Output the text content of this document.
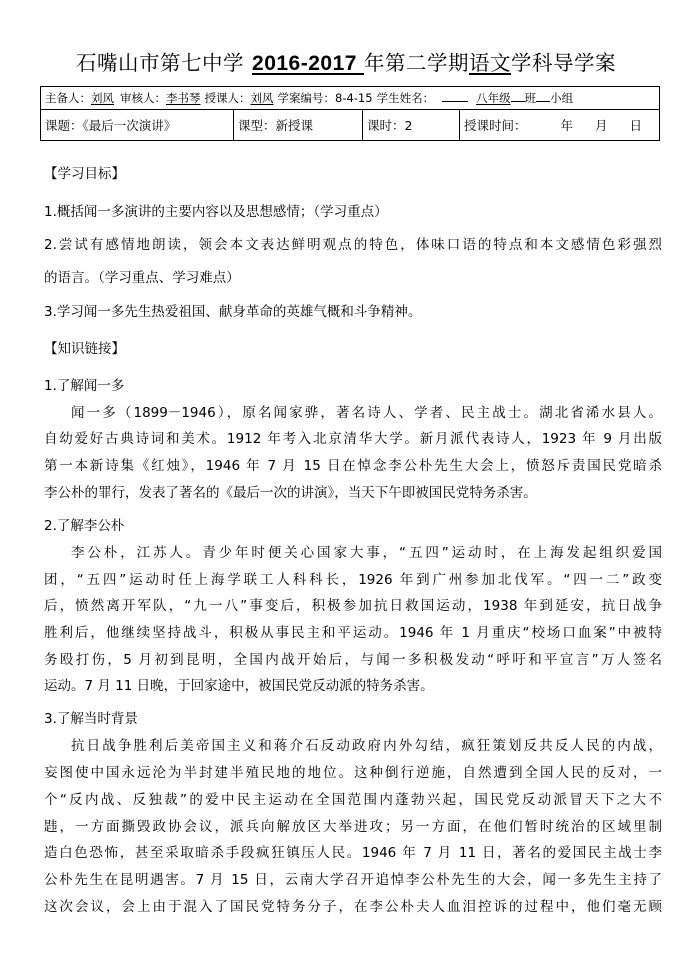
石嘴山市第七中学 2016-2017 年第二学期语文学科导学案
主备人：刘风 审核人：李书琴 授课人：刘风 学案编号：8-4-15 学生姓名：	八年级 班 小组
课题：《最后一次演讲》	课型：新授课	课时：2	授课时间：	年 月 日
【学习目标】
1.概括闻一多演讲的主要内容以及思想感情；（学习重点）
2.尝试有感情地朗读，领会本文表达鲜明观点的特色，体味口语的特点和本文感情色彩强烈
的语言。（学习重点、学习难点）
3.学习闻一多先生热爱祖国、献身革命的英雄气概和斗争精神。
【知识链接】
1.了解闻一多
闻一多（1899－1946），原名闻家骅，著名诗人、学者、民主战士。湖北省浠水县人。
自幼爱好古典诗词和美术。1912 年考入北京清华大学。新月派代表诗人，1923 年 9 月出版
第一本新诗集《红烛》，1946 年 7 月 15 日在悼念李公朴先生大会上，愤怒斥责国民党暗杀
李公朴的罪行，发表了著名的《最后一次的讲演》，当天下午即被国民党特务杀害。
2.了解李公朴
李公朴，江苏人。青少年时便关心国家大事，“五四”运动时，在上海发起组织爱国
团，“五四”运动时任上海学联工人科科长，1926 年到广州参加北伐军。“四一二”政变
后，愤然离开军队，“九一八”事变后，积极参加抗日救国运动，1938 年到延安，抗日战争
胜利后，他继续坚持战斗，积极从事民主和平运动。1946 年 1 月重庆“校场口血案”中被特
务殴打伤，5 月初到昆明，全国内战开始后，与闻一多积极发动“呼吁和平宣言”万人签名
运动。7 月 11 日晚，于回家途中，被国民党反动派的特务杀害。
3.了解当时背景
抗日战争胜利后美帝国主义和蒋介石反动政府内外勾结，疯狂策划反共反人民的内战，
妄图使中国永远沦为半封建半殖民地的地位。这种倒行逆施，自然遭到全国人民的反对，一
个“反内战、反独裁”的爱中民主运动在全国范围内蓬勃兴起，国民党反动派冒天下之大不
韪，一方面撕毁政协会议，派兵向解放区大举进攻；另一方面，在他们暂时统治的区域里制
造白色恐怖，甚至采取暗杀手段疯狂镇压人民。1946 年 7 月 11 日，著名的爱国民主战士李
公朴先生在昆明遇害。7 月 15 日，云南大学召开追悼李公朴先生的大会，闻一多先生主持了
这次会议，会上由于混入了国民党特务分子，在李公朴夫人血泪控诉的过程中，他们毫无顾
